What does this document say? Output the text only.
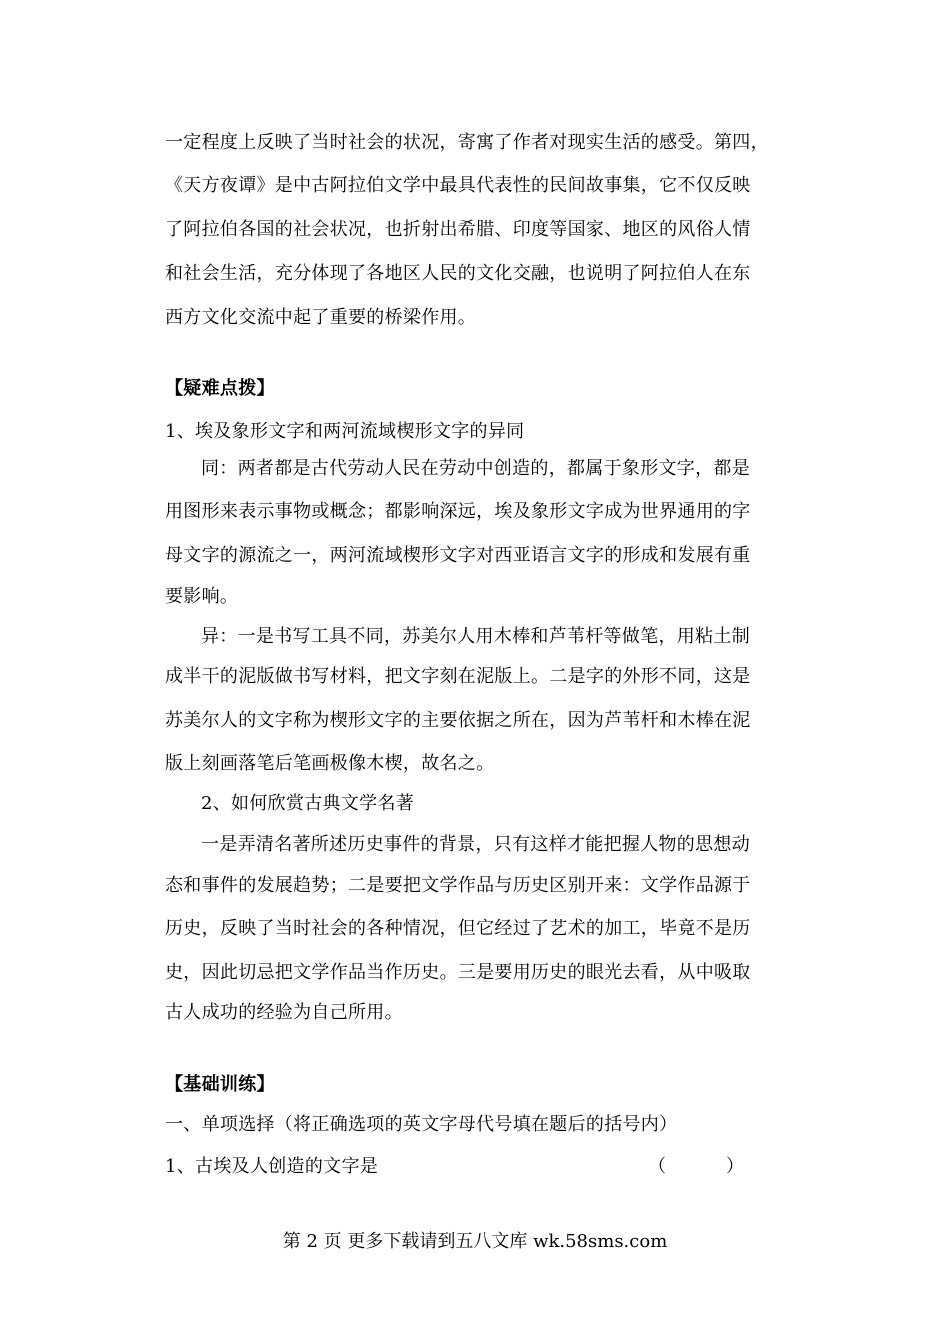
一定程度上反映了当时社会的状况，寄寓了作者对现实生活的感受。第四，
《天方夜谭》是中古阿拉伯文学中最具代表性的民间故事集，它不仅反映
了阿拉伯各国的社会状况，也折射出希腊、印度等国家、地区的风俗人情
和社会生活，充分体现了各地区人民的文化交融，也说明了阿拉伯人在东
西方文化交流中起了重要的桥梁作用。
【疑难点拨】
1、埃及象形文字和两河流域楔形文字的异同
同：两者都是古代劳动人民在劳动中创造的，都属于象形文字，都是
用图形来表示事物或概念；都影响深远，埃及象形文字成为世界通用的字
母文字的源流之一，两河流域楔形文字对西亚语言文字的形成和发展有重
要影响。
异：一是书写工具不同，苏美尔人用木棒和芦苇杆等做笔，用粘土制
成半干的泥版做书写材料，把文字刻在泥版上。二是字的外形不同，这是
苏美尔人的文字称为楔形文字的主要依据之所在，因为芦苇杆和木棒在泥
版上刻画落笔后笔画极像木楔，故名之。
2、如何欣赏古典文学名著
一是弄清名著所述历史事件的背景，只有这样才能把握人物的思想动
态和事件的发展趋势；二是要把文学作品与历史区别开来：文学作品源于
历史，反映了当时社会的各种情况，但它经过了艺术的加工，毕竟不是历
史，因此切忌把文学作品当作历史。三是要用历史的眼光去看，从中吸取
古人成功的经验为自己所用。
【基础训练】
一、单项选择（将正确选项的英文字母代号填在题后的括号内）
1、古埃及人创造的文字是	（	）
第 2 页 更多下载请到五八文库 wk.58sms.com
